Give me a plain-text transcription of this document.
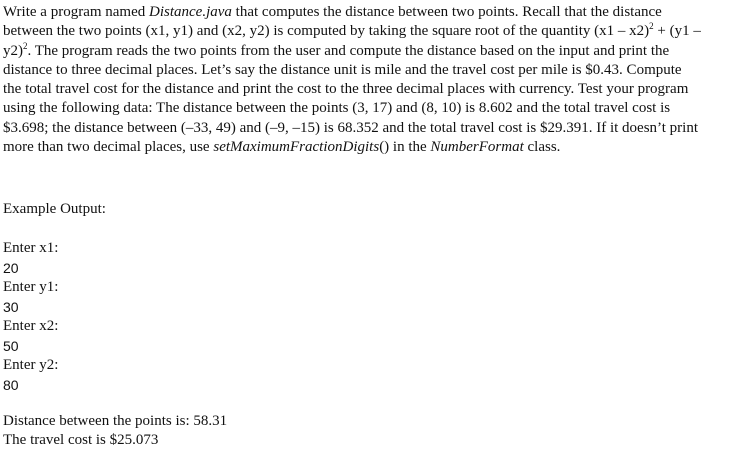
Write a program named Distance.java that computes the distance between two points. Recall that the distance between the two points (x1, y1) and (x2, y2) is computed by taking the square root of the quantity (x1 – x2)$^2$ + (y1 – y2)$^2$. The program reads the two points from the user and compute the distance based on the input and print the distance to three decimal places. Let’s say the distance unit is mile and the travel cost per mile is $0.43. Compute the total travel cost for the distance and print the cost to the three decimal places with currency. Test your program using the following data: The distance between the points (3, 17) and (8, 10) is 8.602 and the total travel cost is $3.698; the distance between (–33, 49) and (–9, –15) is 68.352 and the total travel cost is $29.391. If it doesn’t print more than two decimal places, use setMaximumFractionDigits() in the NumberFormat class.

Example Output:

Enter x1:

20

Enter y1:

30

Enter x2:

50

Enter y2:

80

Distance between the points is: 58.31

The travel cost is $25.073
